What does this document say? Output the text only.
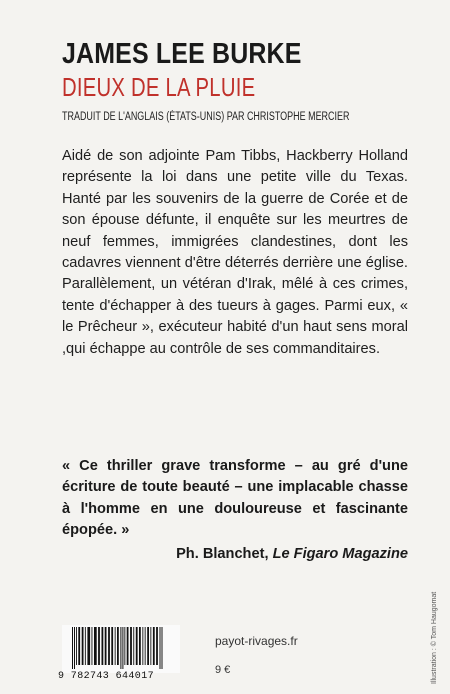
JAMES LEE BURKE
DIEUX DE LA PLUIE
TRADUIT DE L'ANGLAIS (ÉTATS-UNIS) PAR CHRISTOPHE MERCIER

Aidé de son adjointe Pam Tibbs, Hackberry Holland représente la loi dans une petite ville du Texas. Hanté par les souvenirs de la guerre de Corée et de son épouse défunte, il enquête sur les meurtres de neuf femmes, immigrées clandestines, dont les cadavres viennent d'être déterrés derrière une église. Parallèlement, un vétéran d'Irak, mêlé à ces crimes, tente d'échapper à des tueurs à gages. Parmi eux, « le Prêcheur », exécuteur habité d'un haut sens moral ,qui échappe au contrôle de ses commanditaires.

« Ce thriller grave transforme – au gré d'une écriture de toute beauté – une implacable chasse à l'homme en une douloureuse et fascinante épopée. »

Ph. Blanchet, Le Figaro Magazine
Illustration : © Tom Haugomat
9 782743 644017
payot-rivages.fr
9 €
